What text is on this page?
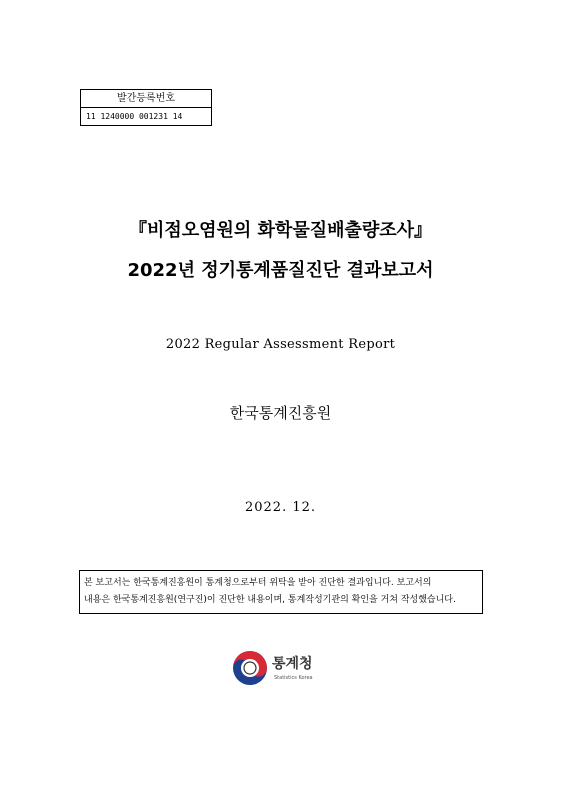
발간등록번호
11 1240000 001231 14
『비점오염원의 화학물질배출량조사』
2022년 정기통계품질진단 결과보고서
2022 Regular Assessment Report
한국통계진흥원
2022. 12.
본 보고서는 한국통계진흥원이 통계청으로부터 위탁을 받아 진단한 결과입니다. 보고서의
내용은 한국통계진흥원(연구진)이 진단한 내용이며, 통계작성기관의 확인을 거쳐 작성했습니다.
통계청
Statistics Korea
